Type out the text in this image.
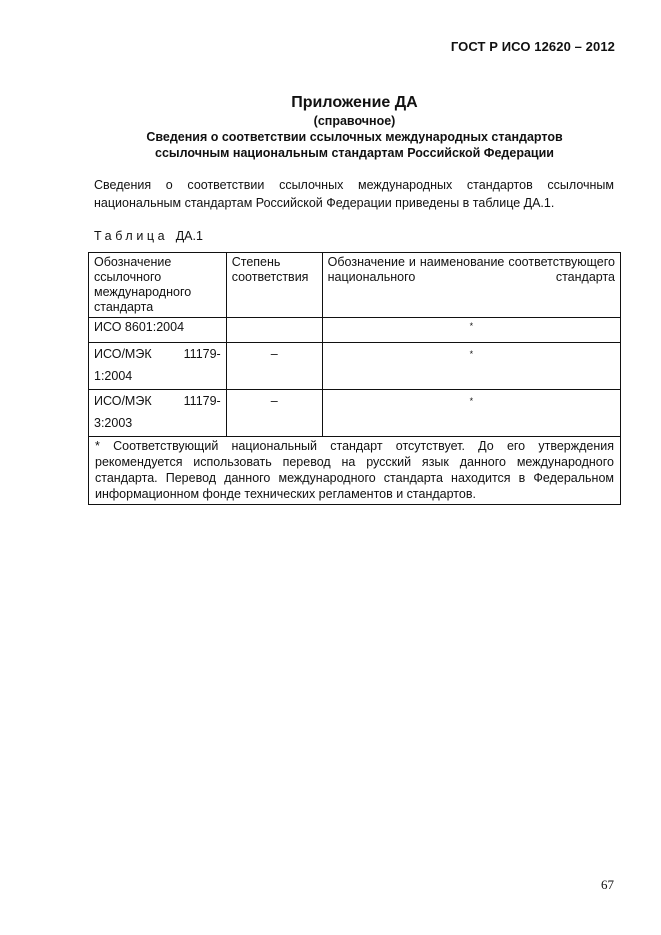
ГОСТ Р ИСО 12620 – 2012
Приложение ДА
(справочное)
Сведения о соответствии ссылочных международных стандартов
ссылочным национальным стандартам Российской Федерации
Сведения о соответствии ссылочных международных стандартов ссылочным национальным стандартам Российской Федерации приведены в таблице ДА.1.
Таблица ДА.1
Обозначение ссылочного международного стандарта	Степень соответствия	Обозначение и наименование соответствующего национального стандарта
ИСО 8601:2004		*

ИСО/МЭК 11179-
1:2004	–	*

ИСО/МЭК 11179-
3:2003	–	*
* Соответствующий национальный стандарт отсутствует. До его утверждения рекомендуется использовать перевод на русский язык данного международного стандарта. Перевод данного международного стандарта находится в Федеральном информационном фонде технических регламентов и стандартов.		
67
